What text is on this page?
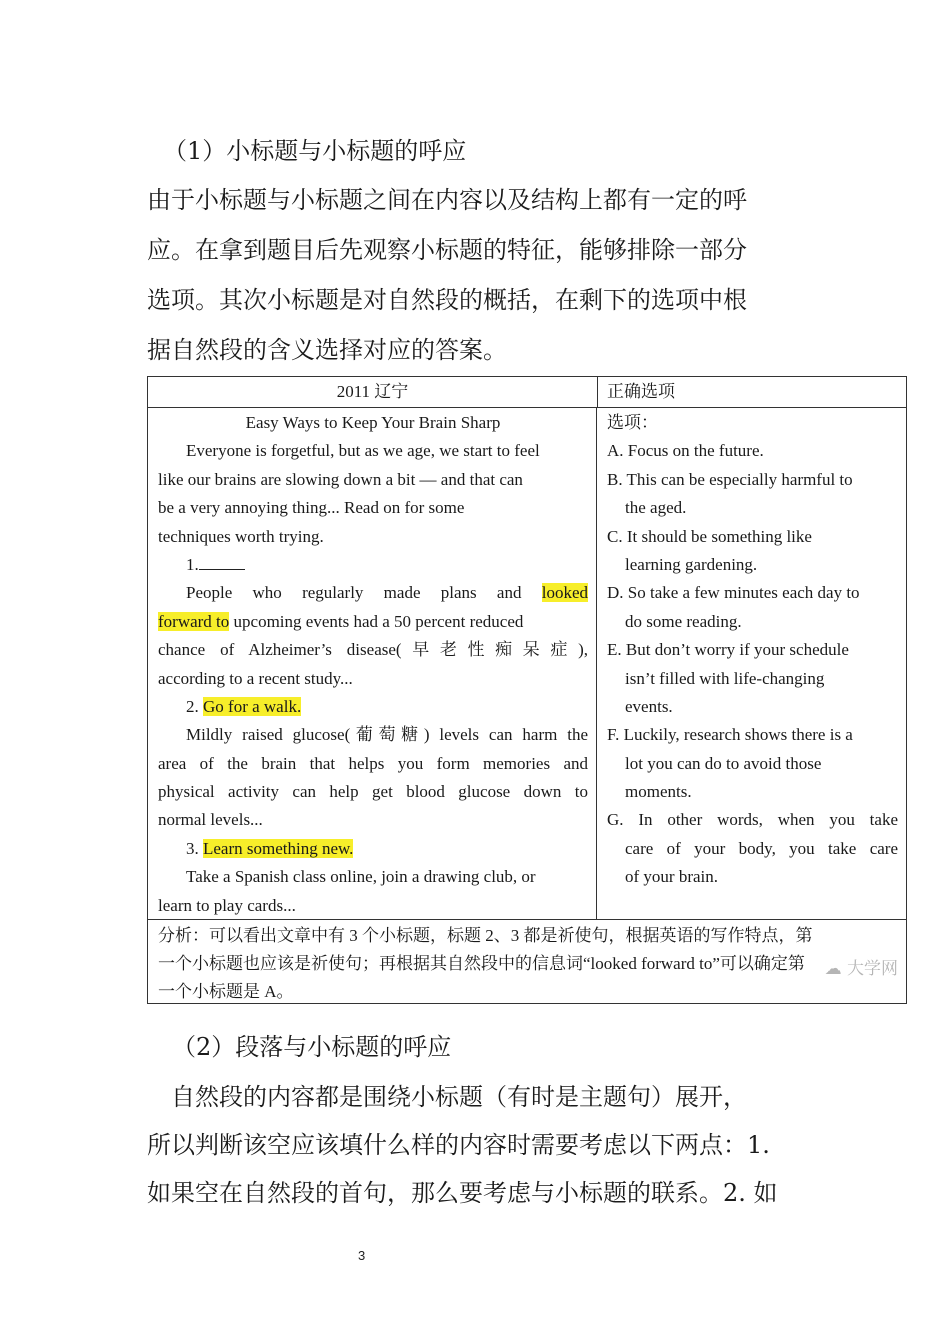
（1）小标题与小标题的呼应
由于小标题与小标题之间在内容以及结构上都有一定的呼
应。在拿到题目后先观察小标题的特征，能够排除一部分
选项。其次小标题是对自然段的概括，在剩下的选项中根
据自然段的含义选择对应的答案。
2011 辽宁	正确选项
Easy Ways to Keep Your Brain Sharp
Everyone is forgetful, but as we age, we start to feel
like our brains are slowing down a bit — and that can
be a very annoying thing... Read on for some
techniques worth trying.
1.
People who regularly made plans and looked
forward to upcoming events had a 50 percent reduced
chance of Alzheimer’s disease(早老性痴呆症),
according to a recent study...
2. Go for a walk.
Mildly raised glucose(葡萄糖) levels can harm the
area of the brain that helps you form memories and
physical activity can help get blood glucose down to
normal levels...
3. Learn something new.
Take a Spanish class online, join a drawing club, or
learn to play cards...
选项：
A. Focus on the future.
B. This can be especially harmful to
the aged.
C. It should be something like
learning gardening.
D. So take a few minutes each day to
do some reading.
E. But don’t worry if your schedule
isn’t filled with life-changing
events.
F. Luckily, research shows there is a
lot you can do to avoid those
moments.
G. In other words, when you take
care of your body, you take care
of your brain.
分析：可以看出文章中有 3 个小标题，标题 2、3 都是祈使句，根据英语的写作特点，第
一个小标题也应该是祈使句；再根据其自然段中的信息词“looked forward to”可以确定第
一个小标题是 A。
☁ 大学网
（2）段落与小标题的呼应
自然段的内容都是围绕小标题（有时是主题句）展开，
所以判断该空应该填什么样的内容时需要考虑以下两点：1.
如果空在自然段的首句，那么要考虑与小标题的联系。2. 如
3
